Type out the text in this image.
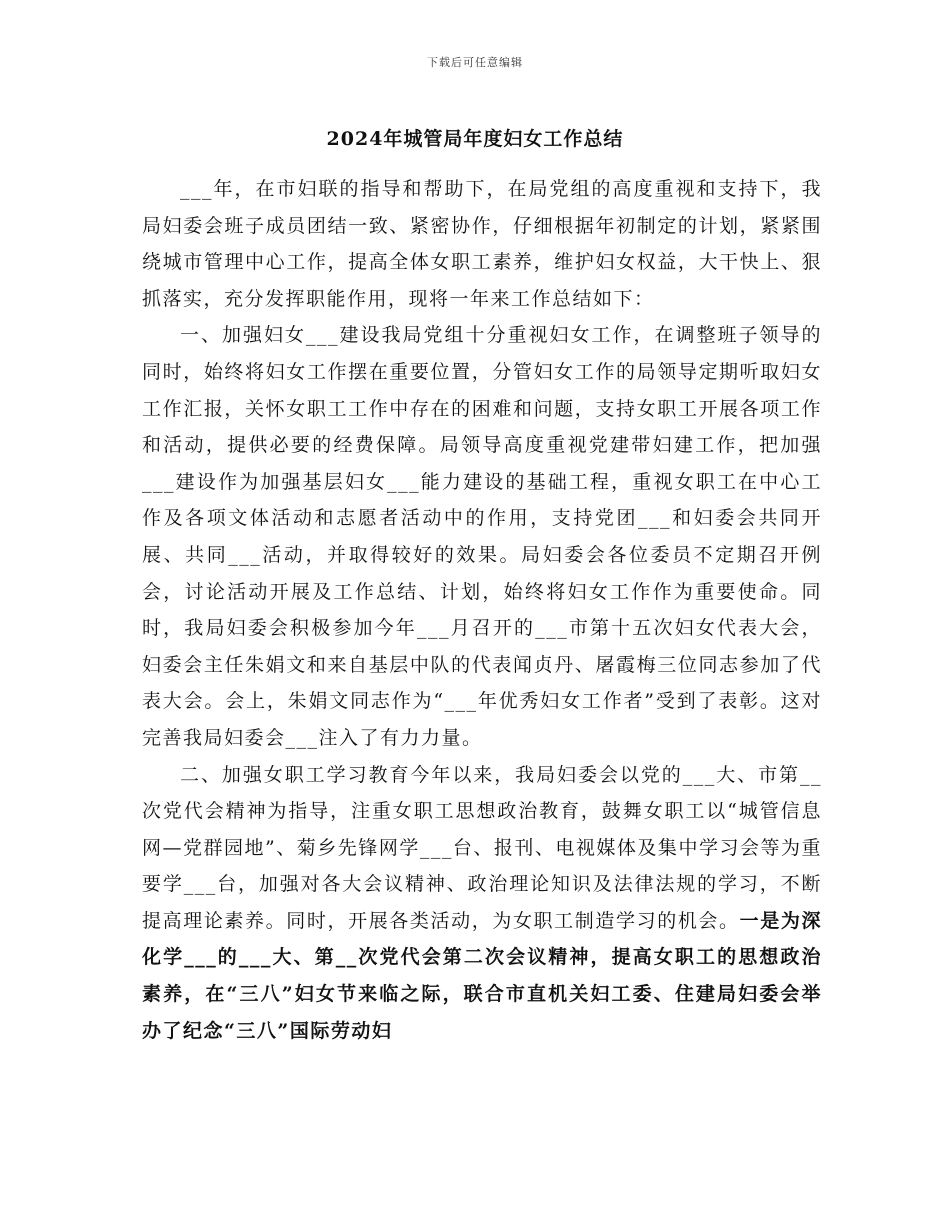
下载后可任意编辑
2024年城管局年度妇女工作总结

___年，在市妇联的指导和帮助下，在局党组的高度重视和支持下，我局妇委会班子成员团结一致、紧密协作，仔细根据年初制定的计划，紧紧围绕城市管理中心工作，提高全体女职工素养，维护妇女权益，大干快上、狠抓落实，充分发挥职能作用，现将一年来工作总结如下：

一、加强妇女___建设我局党组十分重视妇女工作，在调整班子领导的同时，始终将妇女工作摆在重要位置，分管妇女工作的局领导定期听取妇女工作汇报，关怀女职工工作中存在的困难和问题，支持女职工开展各项工作和活动，提供必要的经费保障。局领导高度重视党建带妇建工作，把加强___建设作为加强基层妇女___能力建设的基础工程，重视女职工在中心工作及各项文体活动和志愿者活动中的作用，支持党团___和妇委会共同开展、共同___活动，并取得较好的效果。局妇委会各位委员不定期召开例会，讨论活动开展及工作总结、计划，始终将妇女工作作为重要使命。同时，我局妇委会积极参加今年___月召开的___市第十五次妇女代表大会，妇委会主任朱娟文和来自基层中队的代表闻贞丹、屠霞梅三位同志参加了代表大会。会上，朱娟文同志作为“___年优秀妇女工作者”受到了表彰。这对完善我局妇委会___注入了有力力量。

二、加强女职工学习教育今年以来，我局妇委会以党的___大、市第__次党代会精神为指导，注重女职工思想政治教育，鼓舞女职工以“城管信息网—党群园地”、菊乡先锋网学___台、报刊、电视媒体及集中学习会等为重要学___台，加强对各大会议精神、政治理论知识及法律法规的学习，不断提高理论素养。同时，开展各类活动，为女职工制造学习的机会。一是为深化学___的___大、第__次党代会第二次会议精神，提高女职工的思想政治素养，在“三八”妇女节来临之际，联合市直机关妇工委、住建局妇委会举办了纪念“三八”国际劳动妇
